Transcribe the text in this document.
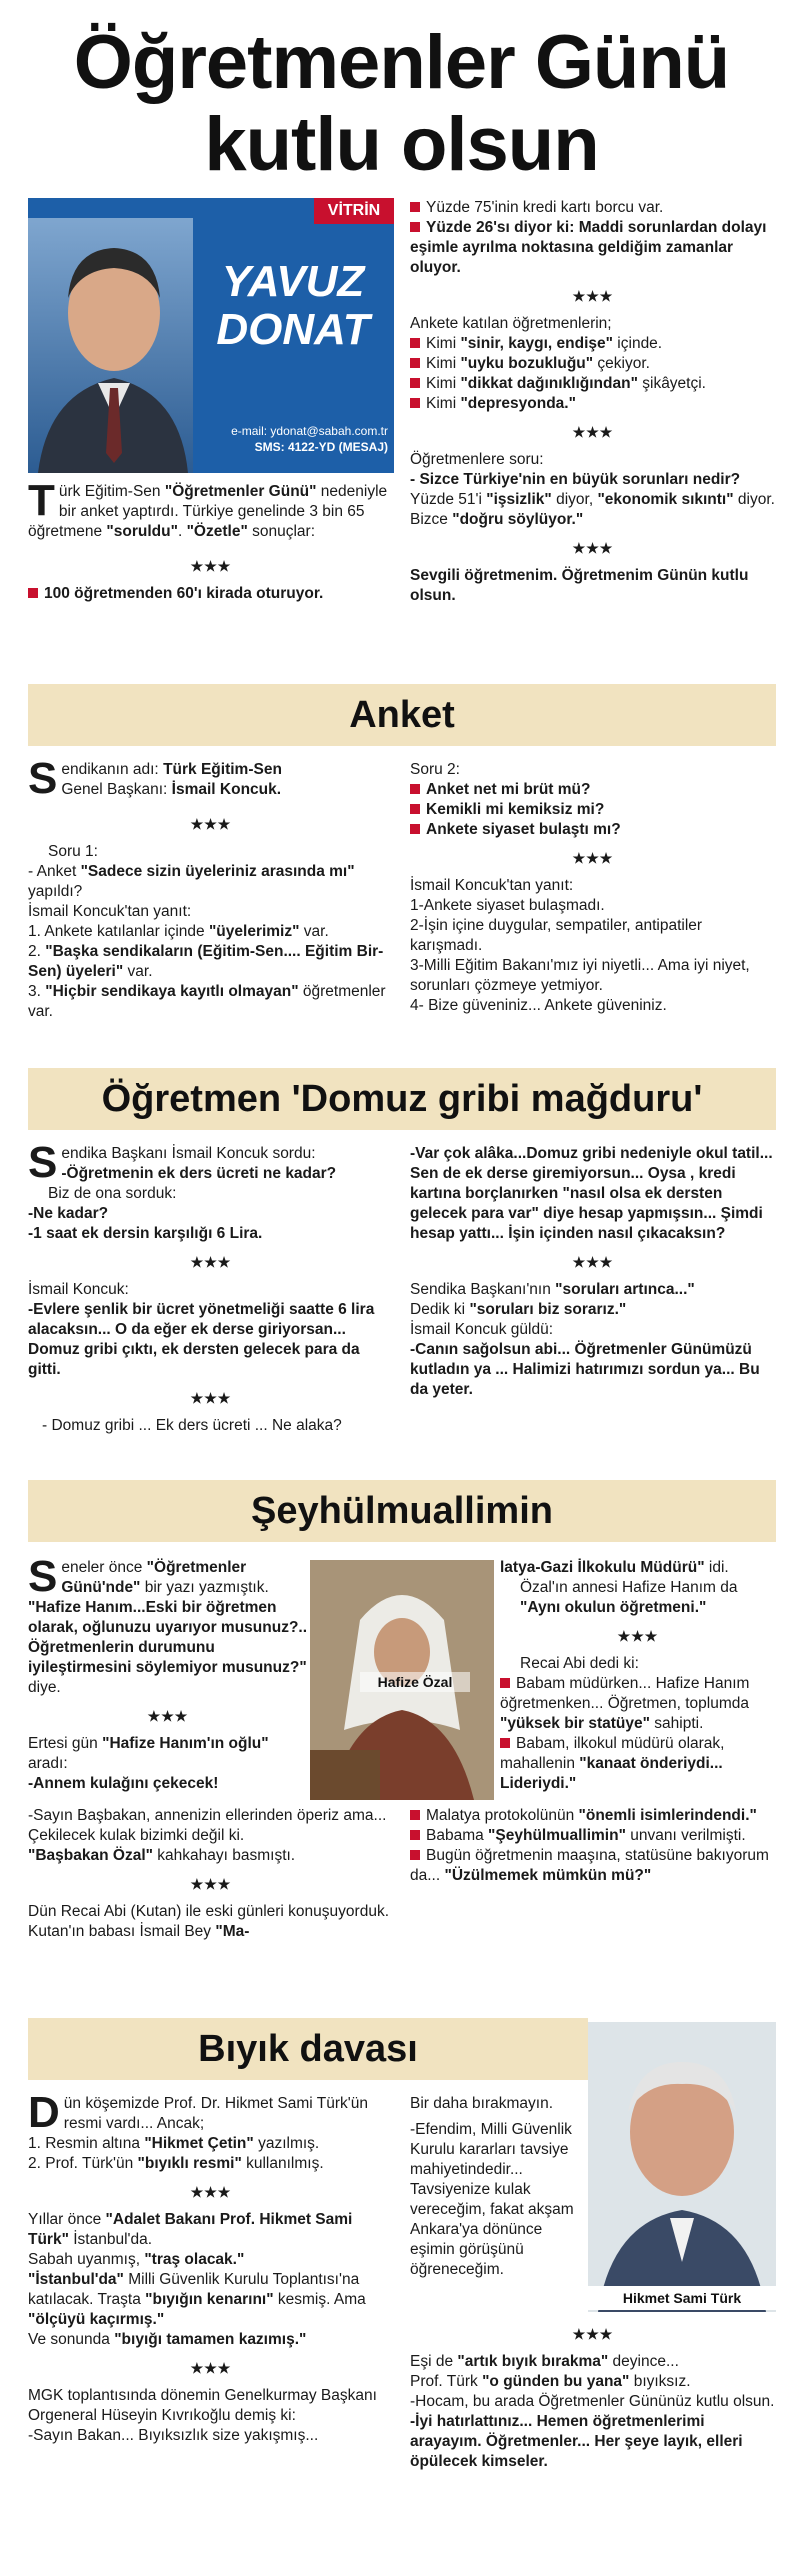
Öğretmenler Günü
kutlu olsun
VİTRİN
YAVUZ
DONAT
e-mail: ydonat@sabah.com.tr
SMS: 4122-YD (MESAJ)

Türk Eğitim-Sen "Öğretmenler Günü" nedeniyle bir anket yaptırdı. Türkiye genelinde 3 bin 65 öğretmene "soruldu". "Özetle" sonuçlar:

★★★

100 öğretmenden 60'ı kirada oturuyor.

Yüzde 75'inin kredi kartı borcu var.

Yüzde 26'sı diyor ki: Maddi sorunlardan dolayı eşimle ayrılma noktasına geldiğim zamanlar oluyor.

★★★

Ankete katılan öğretmenlerin;

Kimi "sinir, kaygı, endişe" içinde.

Kimi "uyku bozukluğu" çekiyor.

Kimi "dikkat dağınıklığından" şikâyetçi.

Kimi "depresyonda."

★★★

Öğretmenlere soru:

- Sizce Türkiye'nin en büyük sorunları nedir?

Yüzde 51'i "işsizlik" diyor, "ekonomik sıkıntı" diyor. Bizce "doğru söylüyor."

★★★

Sevgili öğretmenim. Öğretmenim Günün kutlu olsun.

Anket

Sendikanın adı: Türk Eğitim-Sen
Genel Başkanı: İsmail Koncuk.

★★★

Soru 1:

- Anket "Sadece sizin üyeleriniz arasında mı" yapıldı?

İsmail Koncuk'tan yanıt:

1. Ankete katılanlar içinde "üyelerimiz" var.

2. "Başka sendikaların (Eğitim-Sen.... Eğitim Bir-Sen) üyeleri" var.

3. "Hiçbir sendikaya kayıtlı olmayan" öğretmenler var.

Soru 2:

Anket net mi brüt mü?

Kemikli mi kemiksiz mi?

Ankete siyaset bulaştı mı?

★★★

İsmail Koncuk'tan yanıt:

1-Ankete siyaset bulaşmadı.

2-İşin içine duygular, sempatiler, antipatiler karışmadı.

3-Milli Eğitim Bakanı'mız iyi niyetli... Ama iyi niyet, sorunları çözmeye yetmiyor.

4- Bize güveniniz... Ankete güveniniz.

Öğretmen 'Domuz gribi mağduru'

Sendika Başkanı İsmail Koncuk sordu:
-Öğretmenin ek ders ücreti ne kadar?

Biz de ona sorduk:

-Ne kadar?

-1 saat ek dersin karşılığı 6 Lira.

★★★

İsmail Koncuk:

-Evlere şenlik bir ücret yönetmeliği saatte 6 lira alacaksın... O da eğer ek derse giriyorsan... Domuz gribi çıktı, ek dersten gelecek para da gitti.

★★★

- Domuz gribi ... Ek ders ücreti ... Ne alaka?

-Var çok alâka...Domuz gribi nedeniyle okul tatil... Sen de ek derse giremiyorsun... Oysa , kredi kartına borçlanırken "nasıl olsa ek dersten gelecek para var" diye hesap yapmışsın... Şimdi hesap yattı... İşin içinden nasıl çıkacaksın?

★★★

Sendika Başkanı'nın "soruları artınca..."

Dedik ki "soruları biz sorarız."

İsmail Koncuk güldü:

-Canın sağolsun abi... Öğretmenler Günümüzü kutladın ya ... Halimizi hatırımızı sordun ya... Bu da yeter.

Şeyhülmuallimin

Seneler önce "Öğretmenler Günü'nde" bir yazı yazmıştık.

"Hafize Hanım...Eski bir öğretmen olarak, oğlunuzu uyarıyor musunuz?.. Öğretmenlerin durumunu iyileştirmesini söylemiyor musunuz?" diye.

★★★

Ertesi gün "Hafize Hanım'ın oğlu" aradı:

-Annem kulağını çekecek!

-Sayın Başbakan, annenizin ellerinden öperiz ama... Çekilecek kulak bizimki değil ki.

"Başbakan Özal" kahkahayı basmıştı.

★★★

Dün Recai Abi (Kutan) ile eski günleri konuşuyorduk. Kutan'ın babası İsmail Bey "Ma-

Hafize Özal

latya-Gazi İlkokulu Müdürü" idi.

Özal'ın annesi Hafize Hanım da "Aynı okulun öğretmeni."

★★★

Recai Abi dedi ki:

Babam müdürken... Hafize Hanım öğretmenken... Öğretmen, toplumda "yüksek bir statüye" sahipti.

Babam, ilkokul müdürü olarak, mahallenin "kanaat önderiydi... Lideriydi."

Malatya protokolünün "önemli isimlerindendi."

Babama "Şeyhülmuallimin" unvanı verilmişti.

Bugün öğretmenin maaşına, statüsüne bakıyorum da... "Üzülmemek mümkün mü?"

Bıyık davası

Dün köşemizde Prof. Dr. Hikmet Sami Türk'ün resmi vardı... Ancak;

1. Resmin altına "Hikmet Çetin" yazılmış.

2. Prof. Türk'ün "bıyıklı resmi" kullanılmış.

★★★

Yıllar önce "Adalet Bakanı Prof. Hikmet Sami Türk" İstanbul'da.

Sabah uyanmış, "traş olacak."

"İstanbul'da" Milli Güvenlik Kurulu Toplantısı'na katılacak. Traşta "bıyığın kenarını" kesmiş. Ama "ölçüyü kaçırmış."

Ve sonunda "bıyığı tamamen kazımış."

★★★

MGK toplantısında dönemin Genelkurmay Başkanı Orgeneral Hüseyin Kıvrıkoğlu demiş ki:

-Sayın Bakan... Bıyıksızlık size yakışmış...

Bir daha bırakmayın.

-Efendim, Milli Güvenlik Kurulu kararları tavsiye mahiyetindedir... Tavsiyenize kulak vereceğim, fakat akşam Ankara'ya dönünce eşimin görüşünü öğreneceğim.

Hikmet Sami Türk
★★★

Eşi de "artık bıyık bırakma" deyince...

Prof. Türk "o günden bu yana" bıyıksız.

-Hocam, bu arada Öğretmenler Gününüz kutlu olsun.

-İyi hatırlattınız... Hemen öğretmenlerimi arayayım. Öğretmenler... Her şeye layık, elleri öpülecek kimseler.
